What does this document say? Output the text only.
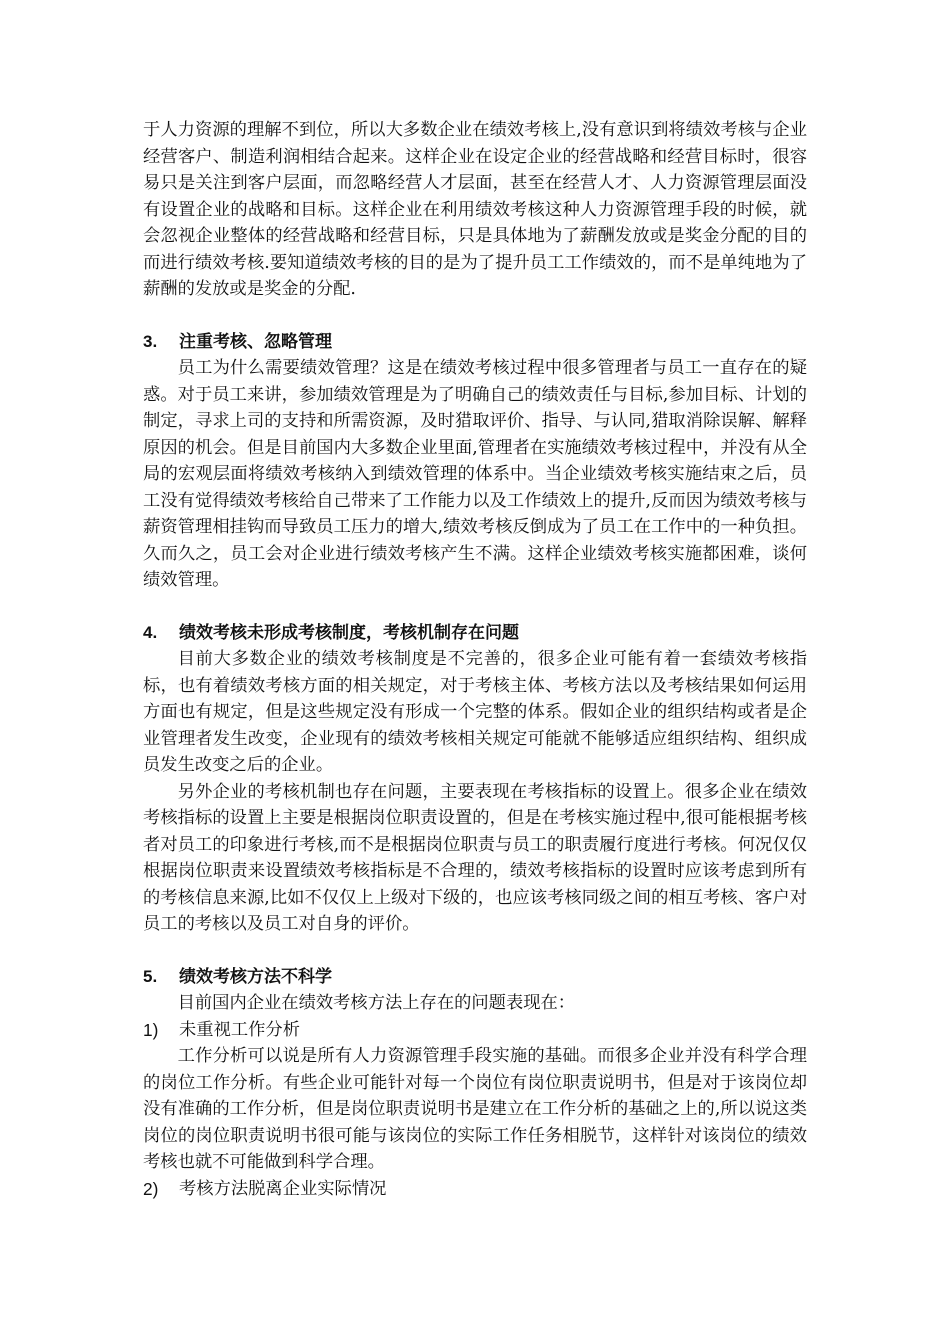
于人力资源的理解不到位，所以大多数企业在绩效考核上,没有意识到将绩效考核与企业经营客户、制造利润相结合起来。这样企业在设定企业的经营战略和经营目标时，很容易只是关注到客户层面，而忽略经营人才层面，甚至在经营人才、人力资源管理层面没有设置企业的战略和目标。这样企业在利用绩效考核这种人力资源管理手段的时候，就会忽视企业整体的经营战略和经营目标，只是具体地为了薪酬发放或是奖金分配的目的而进行绩效考核.要知道绩效考核的目的是为了提升员工工作绩效的，而不是单纯地为了薪酬的发放或是奖金的分配.

3.	注重考核、忽略管理

员工为什么需要绩效管理？这是在绩效考核过程中很多管理者与员工一直存在的疑惑。对于员工来讲，参加绩效管理是为了明确自己的绩效责任与目标,参加目标、计划的制定，寻求上司的支持和所需资源，及时猎取评价、指导、与认同,猎取消除误解、解释原因的机会。但是目前国内大多数企业里面,管理者在实施绩效考核过程中，并没有从全局的宏观层面将绩效考核纳入到绩效管理的体系中。当企业绩效考核实施结束之后，员工没有觉得绩效考核给自己带来了工作能力以及工作绩效上的提升,反而因为绩效考核与薪资管理相挂钩而导致员工压力的增大,绩效考核反倒成为了员工在工作中的一种负担。久而久之，员工会对企业进行绩效考核产生不满。这样企业绩效考核实施都困难，谈何绩效管理。

4.	绩效考核未形成考核制度，考核机制存在问题

目前大多数企业的绩效考核制度是不完善的，很多企业可能有着一套绩效考核指标，也有着绩效考核方面的相关规定，对于考核主体、考核方法以及考核结果如何运用方面也有规定，但是这些规定没有形成一个完整的体系。假如企业的组织结构或者是企业管理者发生改变，企业现有的绩效考核相关规定可能就不能够适应组织结构、组织成员发生改变之后的企业。

另外企业的考核机制也存在问题，主要表现在考核指标的设置上。很多企业在绩效考核指标的设置上主要是根据岗位职责设置的，但是在考核实施过程中,很可能根据考核者对员工的印象进行考核,而不是根据岗位职责与员工的职责履行度进行考核。何况仅仅根据岗位职责来设置绩效考核指标是不合理的，绩效考核指标的设置时应该考虑到所有的考核信息来源,比如不仅仅上上级对下级的，也应该考核同级之间的相互考核、客户对员工的考核以及员工对自身的评价。

5.	绩效考核方法不科学

目前国内企业在绩效考核方法上存在的问题表现在：

1)	未重视工作分析

工作分析可以说是所有人力资源管理手段实施的基础。而很多企业并没有科学合理的岗位工作分析。有些企业可能针对每一个岗位有岗位职责说明书，但是对于该岗位却没有准确的工作分析，但是岗位职责说明书是建立在工作分析的基础之上的,所以说这类岗位的岗位职责说明书很可能与该岗位的实际工作任务相脱节，这样针对该岗位的绩效考核也就不可能做到科学合理。

2)	考核方法脱离企业实际情况
